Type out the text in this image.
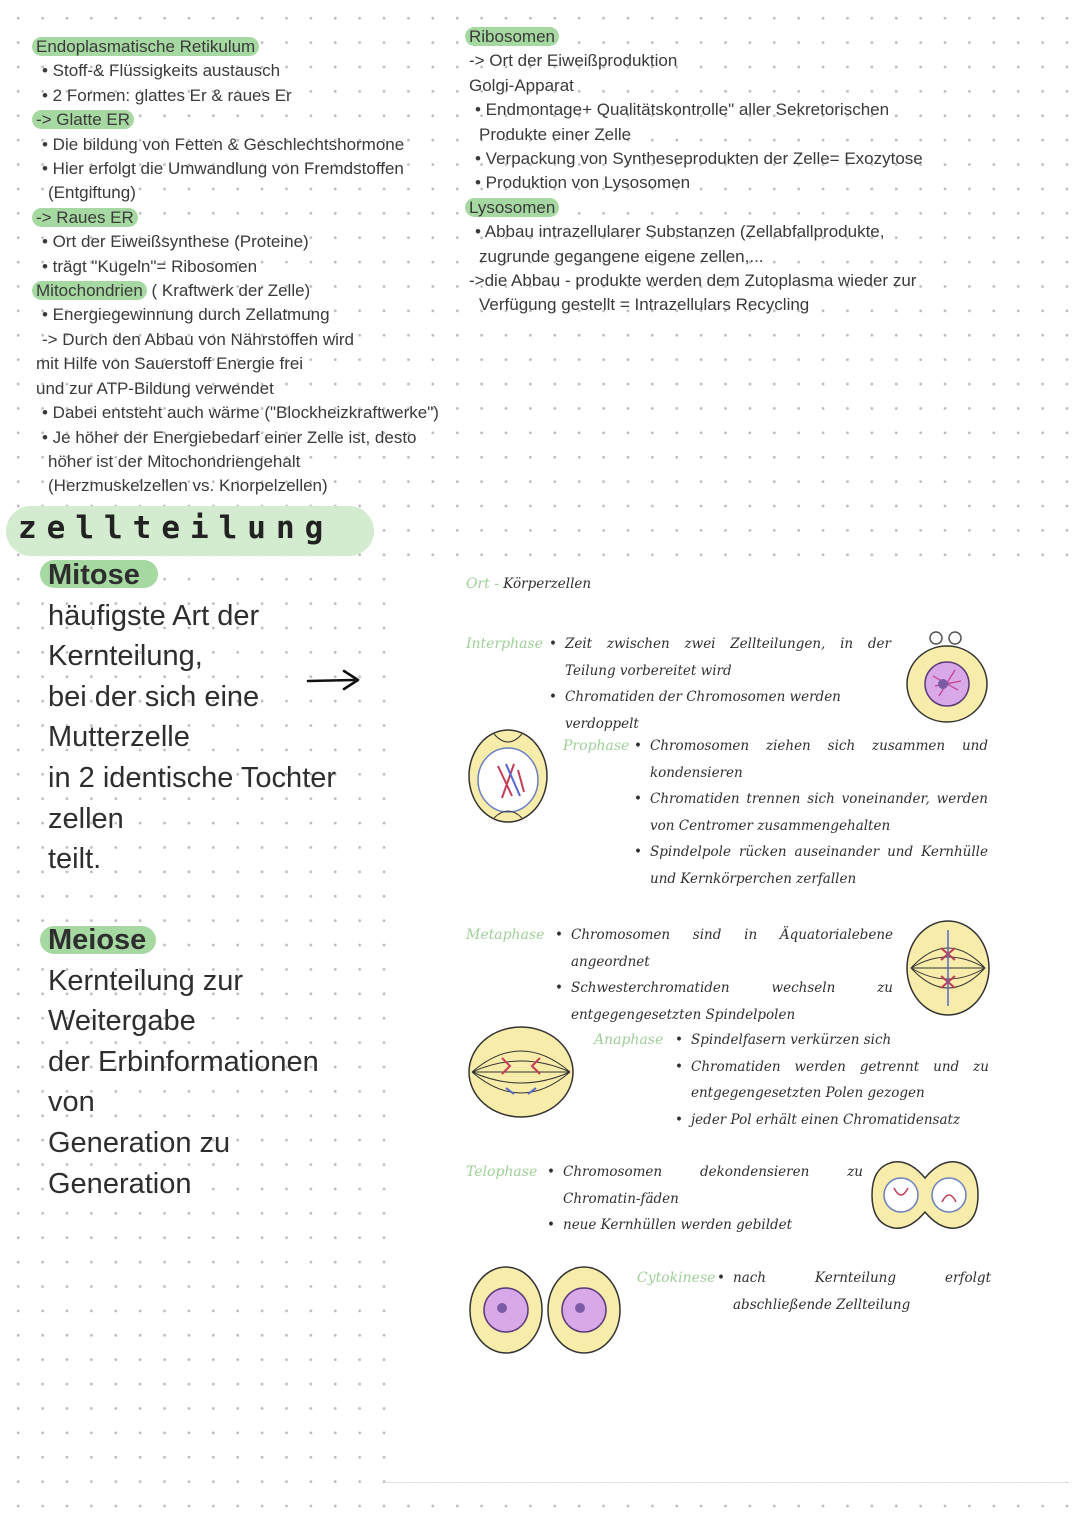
Endoplasmatische Retikulum
• Stoff-& Flüssigkeits austausch
• 2 Formen: glattes Er & raues Er
-> Glatte ER
• Die bildung von Fetten & Geschlechtshormone
• Hier erfolgt die Umwandlung von Fremdstoffen
(Entgiftung)
-> Raues ER
• Ort der Eiweißsynthese (Proteine)
• trägt "Kugeln"= Ribosomen
Mitochondrien ( Kraftwerk der Zelle)
• Energiegewinnung durch Zellatmung
-> Durch den Abbau von Nährstoffen wird
mit Hilfe von Sauerstoff Energie frei
und zur ATP-Bildung verwendet
• Dabei entsteht auch wärme ("Blockheizkraftwerke")
• Je höher der Energiebedarf einer Zelle ist, desto
höher ist der Mitochondriengehalt
(Herzmuskelzellen vs. Knorpelzellen)
Ribosomen
-> Ort der Eiweißproduktion
Golgi-Apparat
• Endmontage+ Qualitätskontrolle" aller Sekretorischen
Produkte einer Zelle
• Verpackung von Syntheseprodukten der Zelle= Exozytose
• Produktion von Lysosomen
Lysosomen
• Abbau intrazellularer Substanzen (Zellabfallprodukte,
zugrunde gegangene eigene zellen,...
->die Abbau - produkte werden dem Zutoplasma wieder zur
Verfügung gestellt = Intrazellulars Recycling
zellteilung
Mitose
häufigste Art der
Kernteilung,
bei der sich eine
Mutterzelle
in 2 identische Tochter
zellen
teilt.
Meiose
Kernteilung zur
Weitergabe
der Erbinformationen
von
Generation zu
Generation
Ort - Körperzellen
Interphase • Zeit zwischen zwei Zellteilungen, in der Teilung vorbereitet wird
• Chromatiden der Chromosomen werden verdoppelt
Prophase • Chromosomen ziehen sich zusammen und kondensieren
• Chromatiden trennen sich voneinander, werden von Centromer zusammengehalten
• Spindelpole rücken auseinander und Kernhülle und Kernkörperchen zerfallen
Metaphase • Chromosomen sind in Äquatorialebene angeordnet
• Schwesterchromatiden wechseln zu entgegengesetzten Spindelpolen
Anaphase • Spindelfasern verkürzen sich
• Chromatiden werden getrennt und zu entgegengesetzten Polen gezogen
• jeder Pol erhält einen Chromatidensatz
Telophase • Chromosomen dekondensieren zu Chromatin-fäden
• neue Kernhüllen werden gebildet
Cytokinese • nach Kernteilung erfolgt abschließende Zellteilung
